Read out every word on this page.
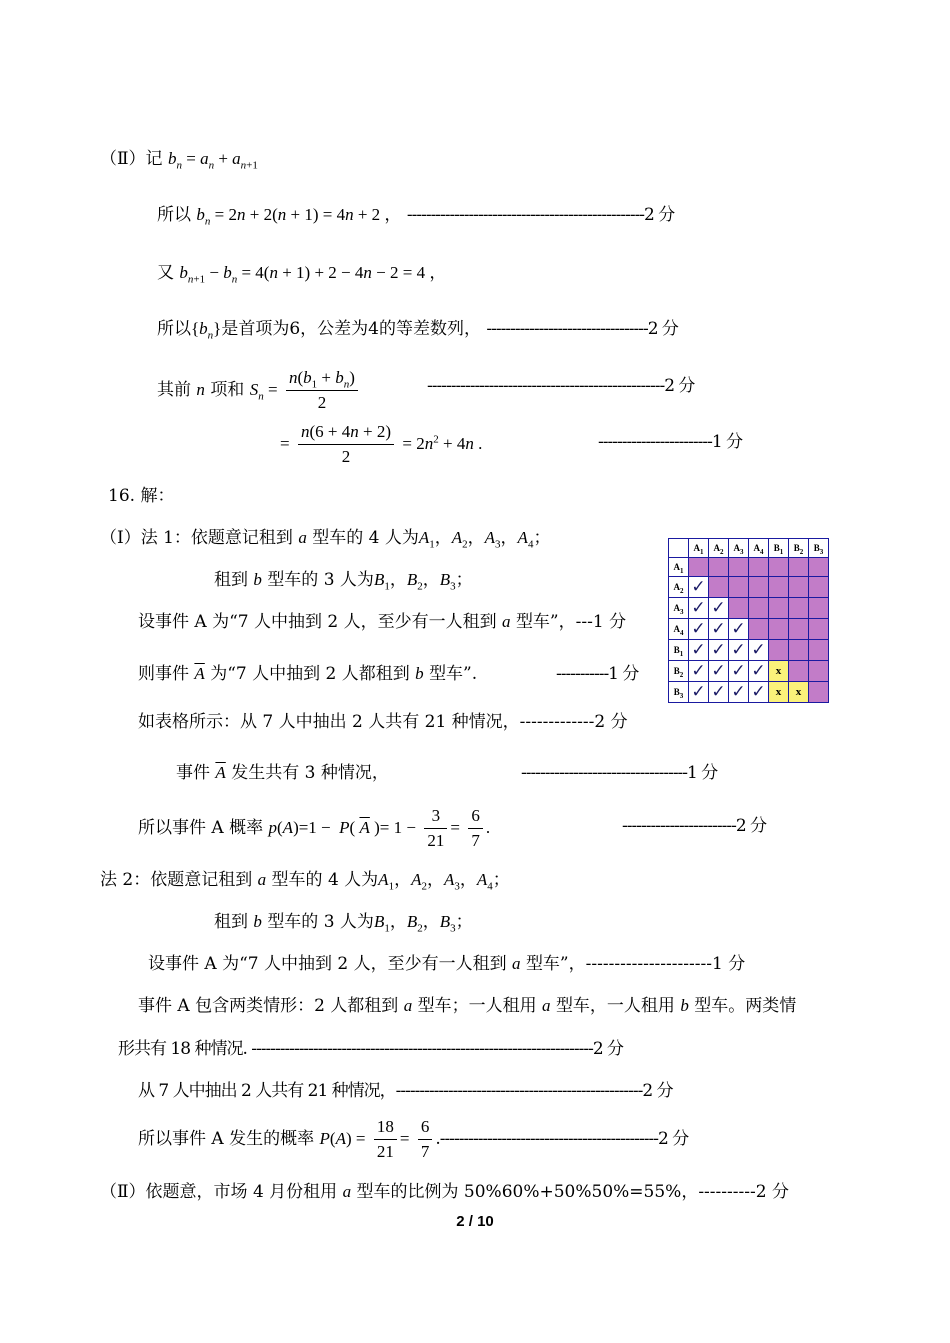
（Ⅱ）记 $b_n = a_n + a_{n+1}$
所以 $b_n = 2n + 2(n + 1) = 4n + 2$ ， --------------------------------------------------2 分
又 $b_{n+1} - b_n = 4(n + 1) + 2 - 4n - 2 = 4$ ，
所以$\{b_n\}$是首项为6，公差为4的等差数列， ----------------------------------2 分
其前 n 项和 $S_n = \frac{n(b_1 + b_n)}{2}$	--------------------------------------------------2 分
= $\frac{n(6 + 4n + 2)}{2} = 2n^2 + 4n$ .	------------------------1 分
16. 解：
（Ⅰ）法 1：依题意记租到 a 型车的 4 人为$A_1$，$A_2$，$A_3$，$A_4$；
租到 b 型车的 3 人为$B_1$，$B_2$，$B_3$；
设事件 A 为“7 人中抽到 2 人，至少有一人租到 a 型车”，---1 分
则事件 $\overline{A}$ 为“7 人中抽到 2 人都租到 b 型车”.	-----------1 分
如表格所示：从 7 人中抽出 2 人共有 21 种情况，-------------2 分
事件 $\overline{A}$ 发生共有 3 种情况，	-----------------------------------1 分
所以事件 A 概率 p(A)=1 −  P( $\overline{A}$ )= $1 - \frac{3}{21} = \frac{6}{7}$ .	------------------------2 分
法 2：依题意记租到 a 型车的 4 人为$A_1$，$A_2$，$A_3$，$A_4$；
租到 b 型车的 3 人为$B_1$，$B_2$，$B_3$；
设事件 A 为“7 人中抽到 2 人，至少有一人租到 a 型车”，----------------------1 分
事件 A 包含两类情形：2 人都租到 a 型车；一人租用 a 型车，一人租用 b 型车。两类情
形共有 18 种情况. ------------------------------------------------------------------------2 分
从 7 人中抽出 2 人共有 21 种情况，----------------------------------------------------2 分
所以事件 A 发生的概率 $P(A) = \frac{18}{21} = \frac{6}{7} .----------------------------------------------2$ 分
（Ⅱ）依题意，市场 4 月份租用 a 型车的比例为 50%60%+50%50%=55%，----------2 分
	$A_1$	$A_2$	$A_3$	$A_4$	$B_1$	$B_2$	$B_3$
$A_1$							
$A_2$	✓						
$A_3$	✓	✓					
$A_4$	✓	✓	✓				
$B_1$	✓	✓	✓	✓			
$B_2$	✓	✓	✓	✓	x		
$B_3$	✓	✓	✓	✓	x	x	
2 / 10
